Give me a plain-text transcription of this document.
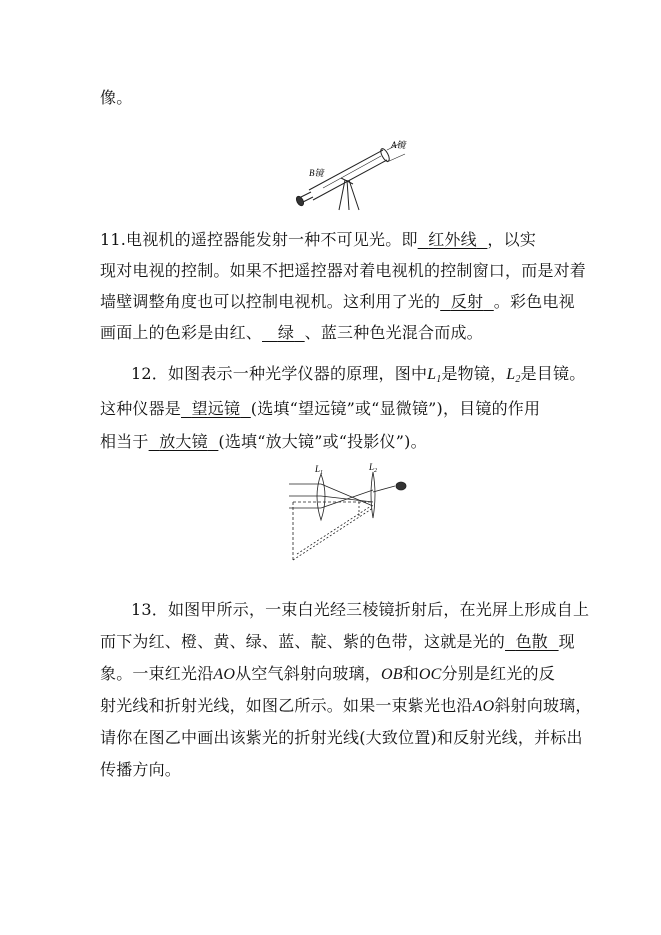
像。
A镜
B镜
11.电视机的遥控器能发射一种不可见光。即 红外线 ，以实
现对电视的控制。如果不把遥控器对着电视机的控制窗口，而是对着
墙壁调整角度也可以控制电视机。这利用了光的 反射 。彩色电视
画面上的色彩是由红、 绿 、蓝三种色光混合而成。
12．如图表示一种光学仪器的原理，图中$L_1$是物镜，$L_2$是目镜。
这种仪器是 望远镜 (选填“望远镜”或“显微镜”)，目镜的作用
相当于 放大镜 (选填“放大镜”或“投影仪”)。
$L_1$
$L_2$
13．如图甲所示，一束白光经三棱镜折射后，在光屏上形成自上
而下为红、橙、黄、绿、蓝、靛、紫的色带，这就是光的 色散 现
象。一束红光沿AO从空气斜射向玻璃，OB和OC分别是红光的反
射光线和折射光线，如图乙所示。如果一束紫光也沿AO斜射向玻璃，
请你在图乙中画出该紫光的折射光线(大致位置)和反射光线，并标出
传播方向。
